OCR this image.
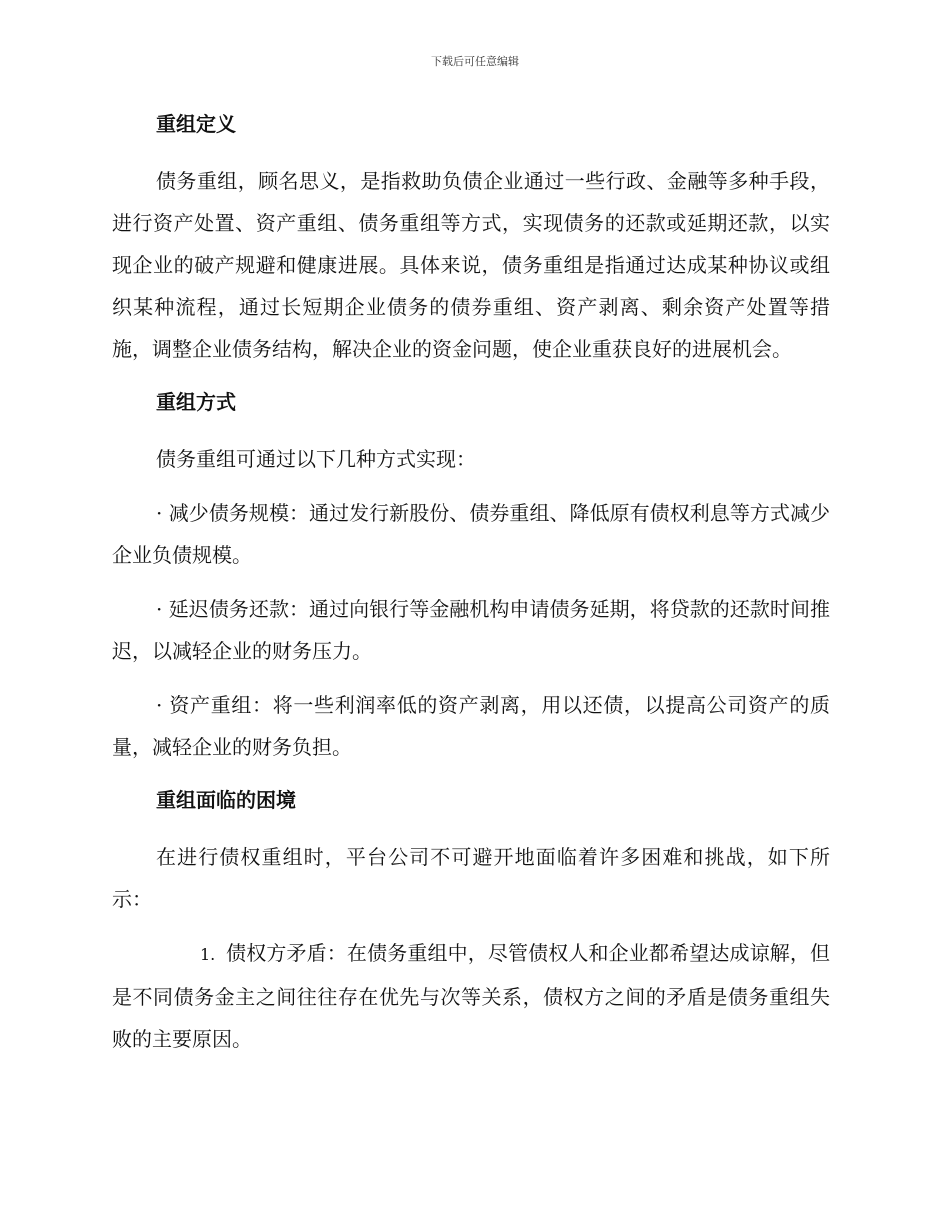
下载后可任意编辑
重组定义

债务重组，顾名思义，是指救助负债企业通过一些行政、金融等多种手段，进行资产处置、资产重组、债务重组等方式，实现债务的还款或延期还款，以实现企业的破产规避和健康进展。具体来说，债务重组是指通过达成某种协议或组织某种流程，通过长短期企业债务的债券重组、资产剥离、剩余资产处置等措施，调整企业债务结构，解决企业的资金问题，使企业重获良好的进展机会。

重组方式

债务重组可通过以下几种方式实现：

· 减少债务规模：通过发行新股份、债券重组、降低原有债权利息等方式减少企业负债规模。

· 延迟债务还款：通过向银行等金融机构申请债务延期，将贷款的还款时间推迟，以减轻企业的财务压力。

· 资产重组：将一些利润率低的资产剥离，用以还债，以提高公司资产的质量，减轻企业的财务负担。

重组面临的困境

在进行债权重组时，平台公司不可避开地面临着许多困难和挑战，如下所示：

1. 债权方矛盾：在债务重组中，尽管债权人和企业都希望达成谅解，但是不同债务金主之间往往存在优先与次等关系，债权方之间的矛盾是债务重组失败的主要原因。
